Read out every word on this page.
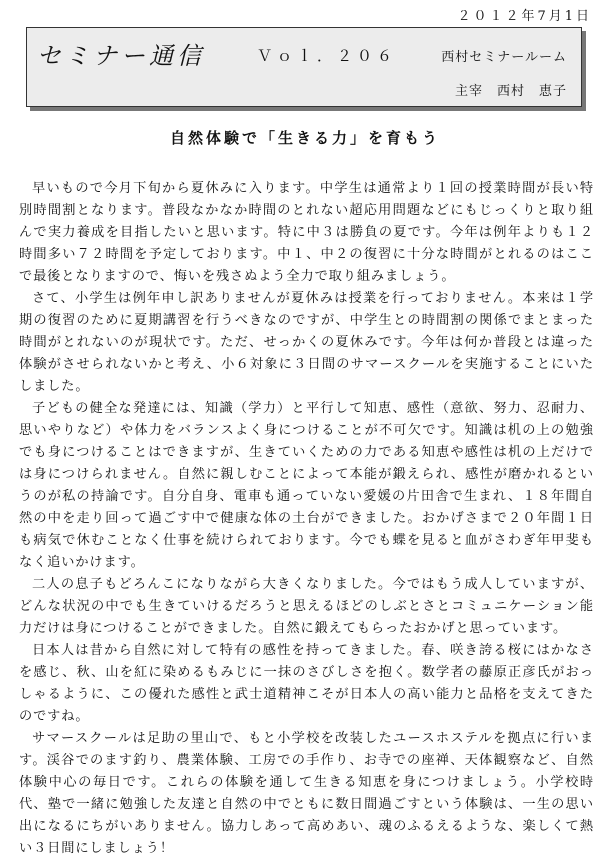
２０１２年7月1日
セミナー通信	Ｖｏｌ．２０６	西村セミナールーム
主宰　西村　恵子
自然体験で「生きる力」を育もう

早いもので今月下旬から夏休みに入ります。中学生は通常より１回の授業時間が長い特別時間割となります。普段なかなか時間のとれない超応用問題などにもじっくりと取り組んで実力養成を目指したいと思います。特に中３は勝負の夏です。今年は例年よりも１２時間多い７２時間を予定しております。中１、中２の復習に十分な時間がとれるのはここで最後となりますので、悔いを残さぬよう全力で取り組みましょう。

さて、小学生は例年申し訳ありませんが夏休みは授業を行っておりません。本来は１学期の復習のために夏期講習を行うべきなのですが、中学生との時間割の関係でまとまった時間がとれないのが現状です。ただ、せっかくの夏休みです。今年は何か普段とは違った体験がさせられないかと考え、小６対象に３日間のサマースクールを実施することにいたしました。

子どもの健全な発達には、知識（学力）と平行して知恵、感性（意欲、努力、忍耐力、思いやりなど）や体力をバランスよく身につけることが不可欠です。知識は机の上の勉強でも身につけることはできますが、生きていくための力である知恵や感性は机の上だけでは身につけられません。自然に親しむことによって本能が鍛えられ、感性が磨かれるというのが私の持論です。自分自身、電車も通っていない愛媛の片田舎で生まれ、１８年間自然の中を走り回って過ごす中で健康な体の土台ができました。おかげさまで２０年間１日も病気で休むことなく仕事を続けられております。今でも蝶を見ると血がさわぎ年甲斐もなく追いかけます。

二人の息子もどろんこになりながら大きくなりました。今ではもう成人していますが、どんな状況の中でも生きていけるだろうと思えるほどのしぶとさとコミュニケーション能力だけは身につけることができました。自然に鍛えてもらったおかげと思っています。

日本人は昔から自然に対して特有の感性を持ってきました。春、咲き誇る桜にはかなさを感じ、秋、山を紅に染めるもみじに一抹のさびしさを抱く。数学者の藤原正彦氏がおっしゃるように、この優れた感性と武士道精神こそが日本人の高い能力と品格を支えてきたのですね。

サマースクールは足助の里山で、もと小学校を改装したユースホステルを拠点に行います。渓谷でのます釣り、農業体験、工房での手作り、お寺での座禅、天体観察など、自然体験中心の毎日です。これらの体験を通して生きる知恵を身につけましょう。小学校時代、塾で一緒に勉強した友達と自然の中でともに数日間過ごすという体験は、一生の思い出になるにちがいありません。協力しあって高めあい、魂のふるえるような、楽しくて熱い３日間にしましょう！
